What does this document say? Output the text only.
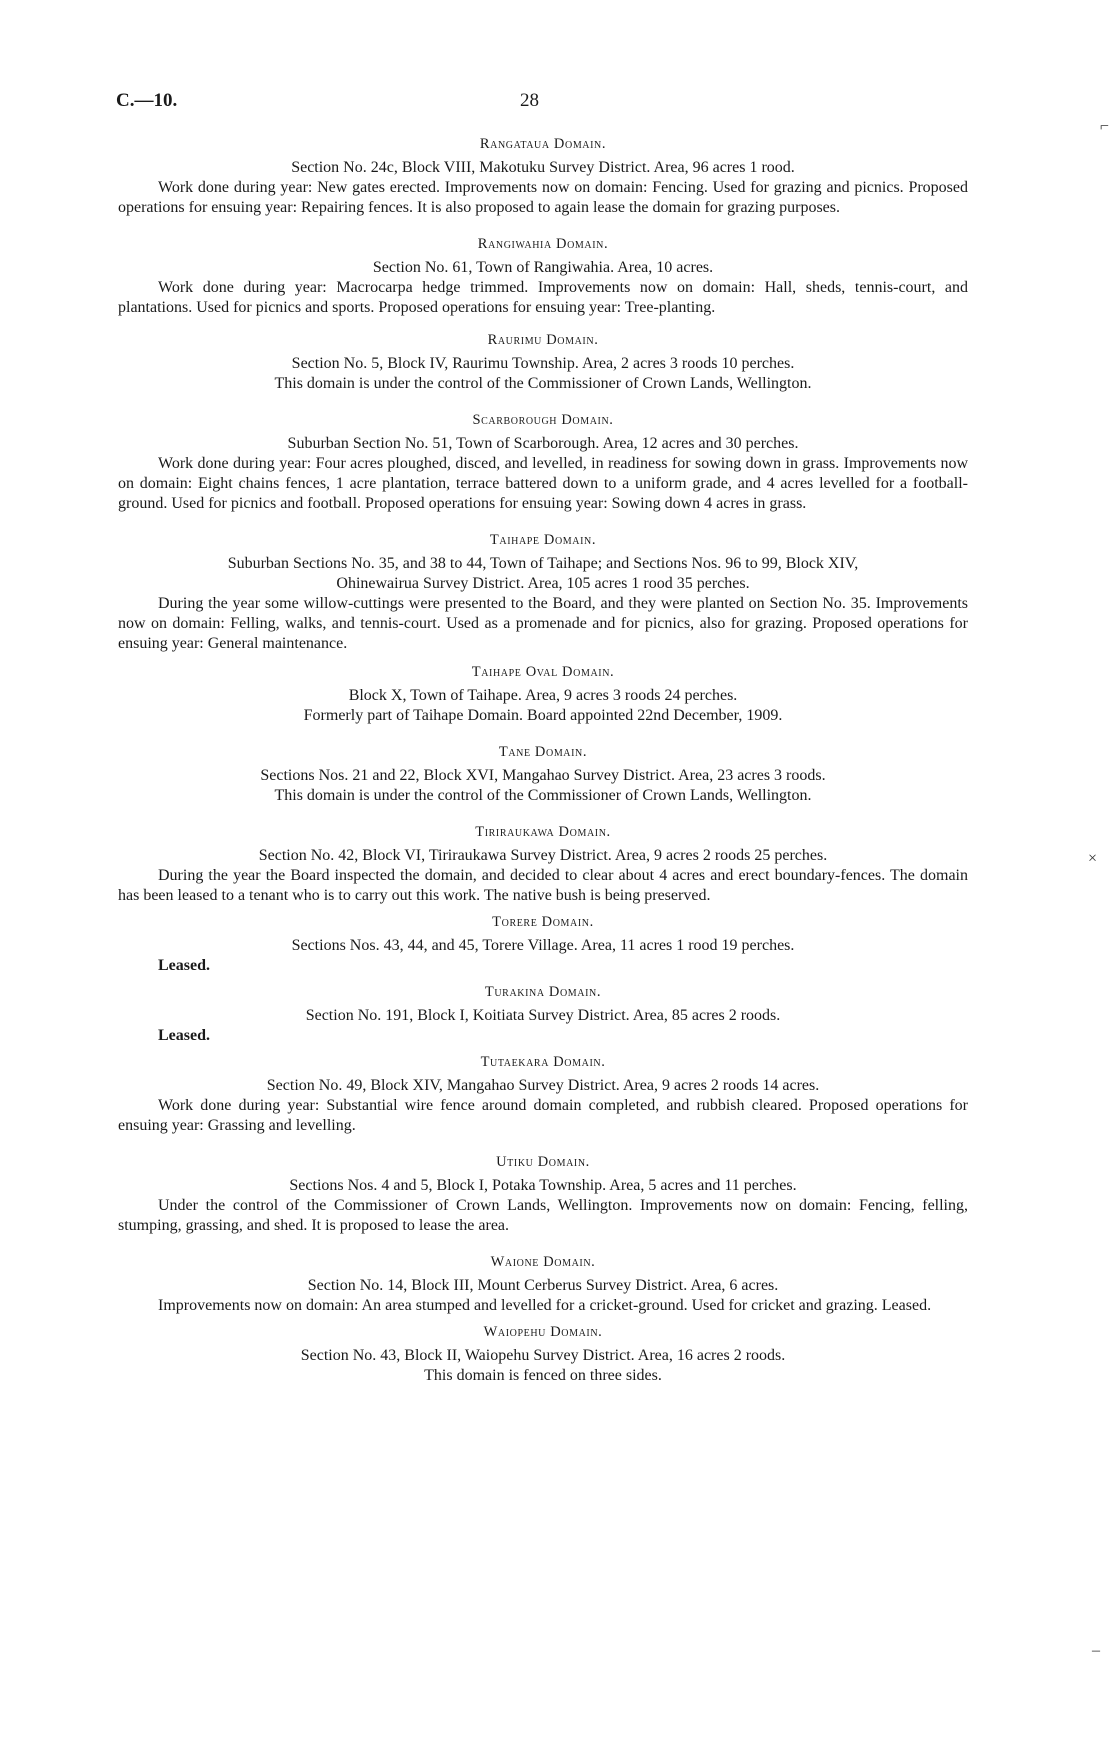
C.—10.	28
⌐
×
–
Rangataua Domain.

Section No. 24c, Block VIII, Makotuku Survey District. Area, 96 acres 1 rood.

Work done during year: New gates erected. Improvements now on domain: Fencing. Used for grazing and picnics. Proposed operations for ensuing year: Repairing fences. It is also proposed to again lease the domain for grazing purposes.

Rangiwahia Domain.

Section No. 61, Town of Rangiwahia. Area, 10 acres.

Work done during year: Macrocarpa hedge trimmed. Improvements now on domain: Hall, sheds, tennis-court, and plantations. Used for picnics and sports. Proposed operations for ensuing year: Tree-planting.

Raurimu Domain.

Section No. 5, Block IV, Raurimu Township. Area, 2 acres 3 roods 10 perches.

This domain is under the control of the Commissioner of Crown Lands, Wellington.

Scarborough Domain.

Suburban Section No. 51, Town of Scarborough. Area, 12 acres and 30 perches.

Work done during year: Four acres ploughed, disced, and levelled, in readiness for sowing down in grass. Improvements now on domain: Eight chains fences, 1 acre plantation, terrace battered down to a uniform grade, and 4 acres levelled for a football-ground. Used for picnics and football. Proposed operations for ensuing year: Sowing down 4 acres in grass.

Taihape Domain.

Suburban Sections No. 35, and 38 to 44, Town of Taihape; and Sections Nos. 96 to 99, Block XIV,

Ohinewairua Survey District. Area, 105 acres 1 rood 35 perches.

During the year some willow-cuttings were presented to the Board, and they were planted on Section No. 35. Improvements now on domain: Felling, walks, and tennis-court. Used as a promenade and for picnics, also for grazing. Proposed operations for ensuing year: General maintenance.

Taihape Oval Domain.

Block X, Town of Taihape. Area, 9 acres 3 roods 24 perches.

Formerly part of Taihape Domain. Board appointed 22nd December, 1909.

Tane Domain.

Sections Nos. 21 and 22, Block XVI, Mangahao Survey District. Area, 23 acres 3 roods.

This domain is under the control of the Commissioner of Crown Lands, Wellington.

Tiriraukawa Domain.

Section No. 42, Block VI, Tiriraukawa Survey District. Area, 9 acres 2 roods 25 perches.

During the year the Board inspected the domain, and decided to clear about 4 acres and erect boundary-fences. The domain has been leased to a tenant who is to carry out this work. The native bush is being preserved.

Torere Domain.

Sections Nos. 43, 44, and 45, Torere Village. Area, 11 acres 1 rood 19 perches.

Leased.

Turakina Domain.

Section No. 191, Block I, Koitiata Survey District. Area, 85 acres 2 roods.

Leased.

Tutaekara Domain.

Section No. 49, Block XIV, Mangahao Survey District. Area, 9 acres 2 roods 14 acres.

Work done during year: Substantial wire fence around domain completed, and rubbish cleared. Proposed operations for ensuing year: Grassing and levelling.

Utiku Domain.

Sections Nos. 4 and 5, Block I, Potaka Township. Area, 5 acres and 11 perches.

Under the control of the Commissioner of Crown Lands, Wellington. Improvements now on domain: Fencing, felling, stumping, grassing, and shed. It is proposed to lease the area.

Waione Domain.

Section No. 14, Block III, Mount Cerberus Survey District. Area, 6 acres.

Improvements now on domain: An area stumped and levelled for a cricket-ground. Used for cricket and grazing. Leased.

Waiopehu Domain.

Section No. 43, Block II, Waiopehu Survey District. Area, 16 acres 2 roods.

This domain is fenced on three sides.
